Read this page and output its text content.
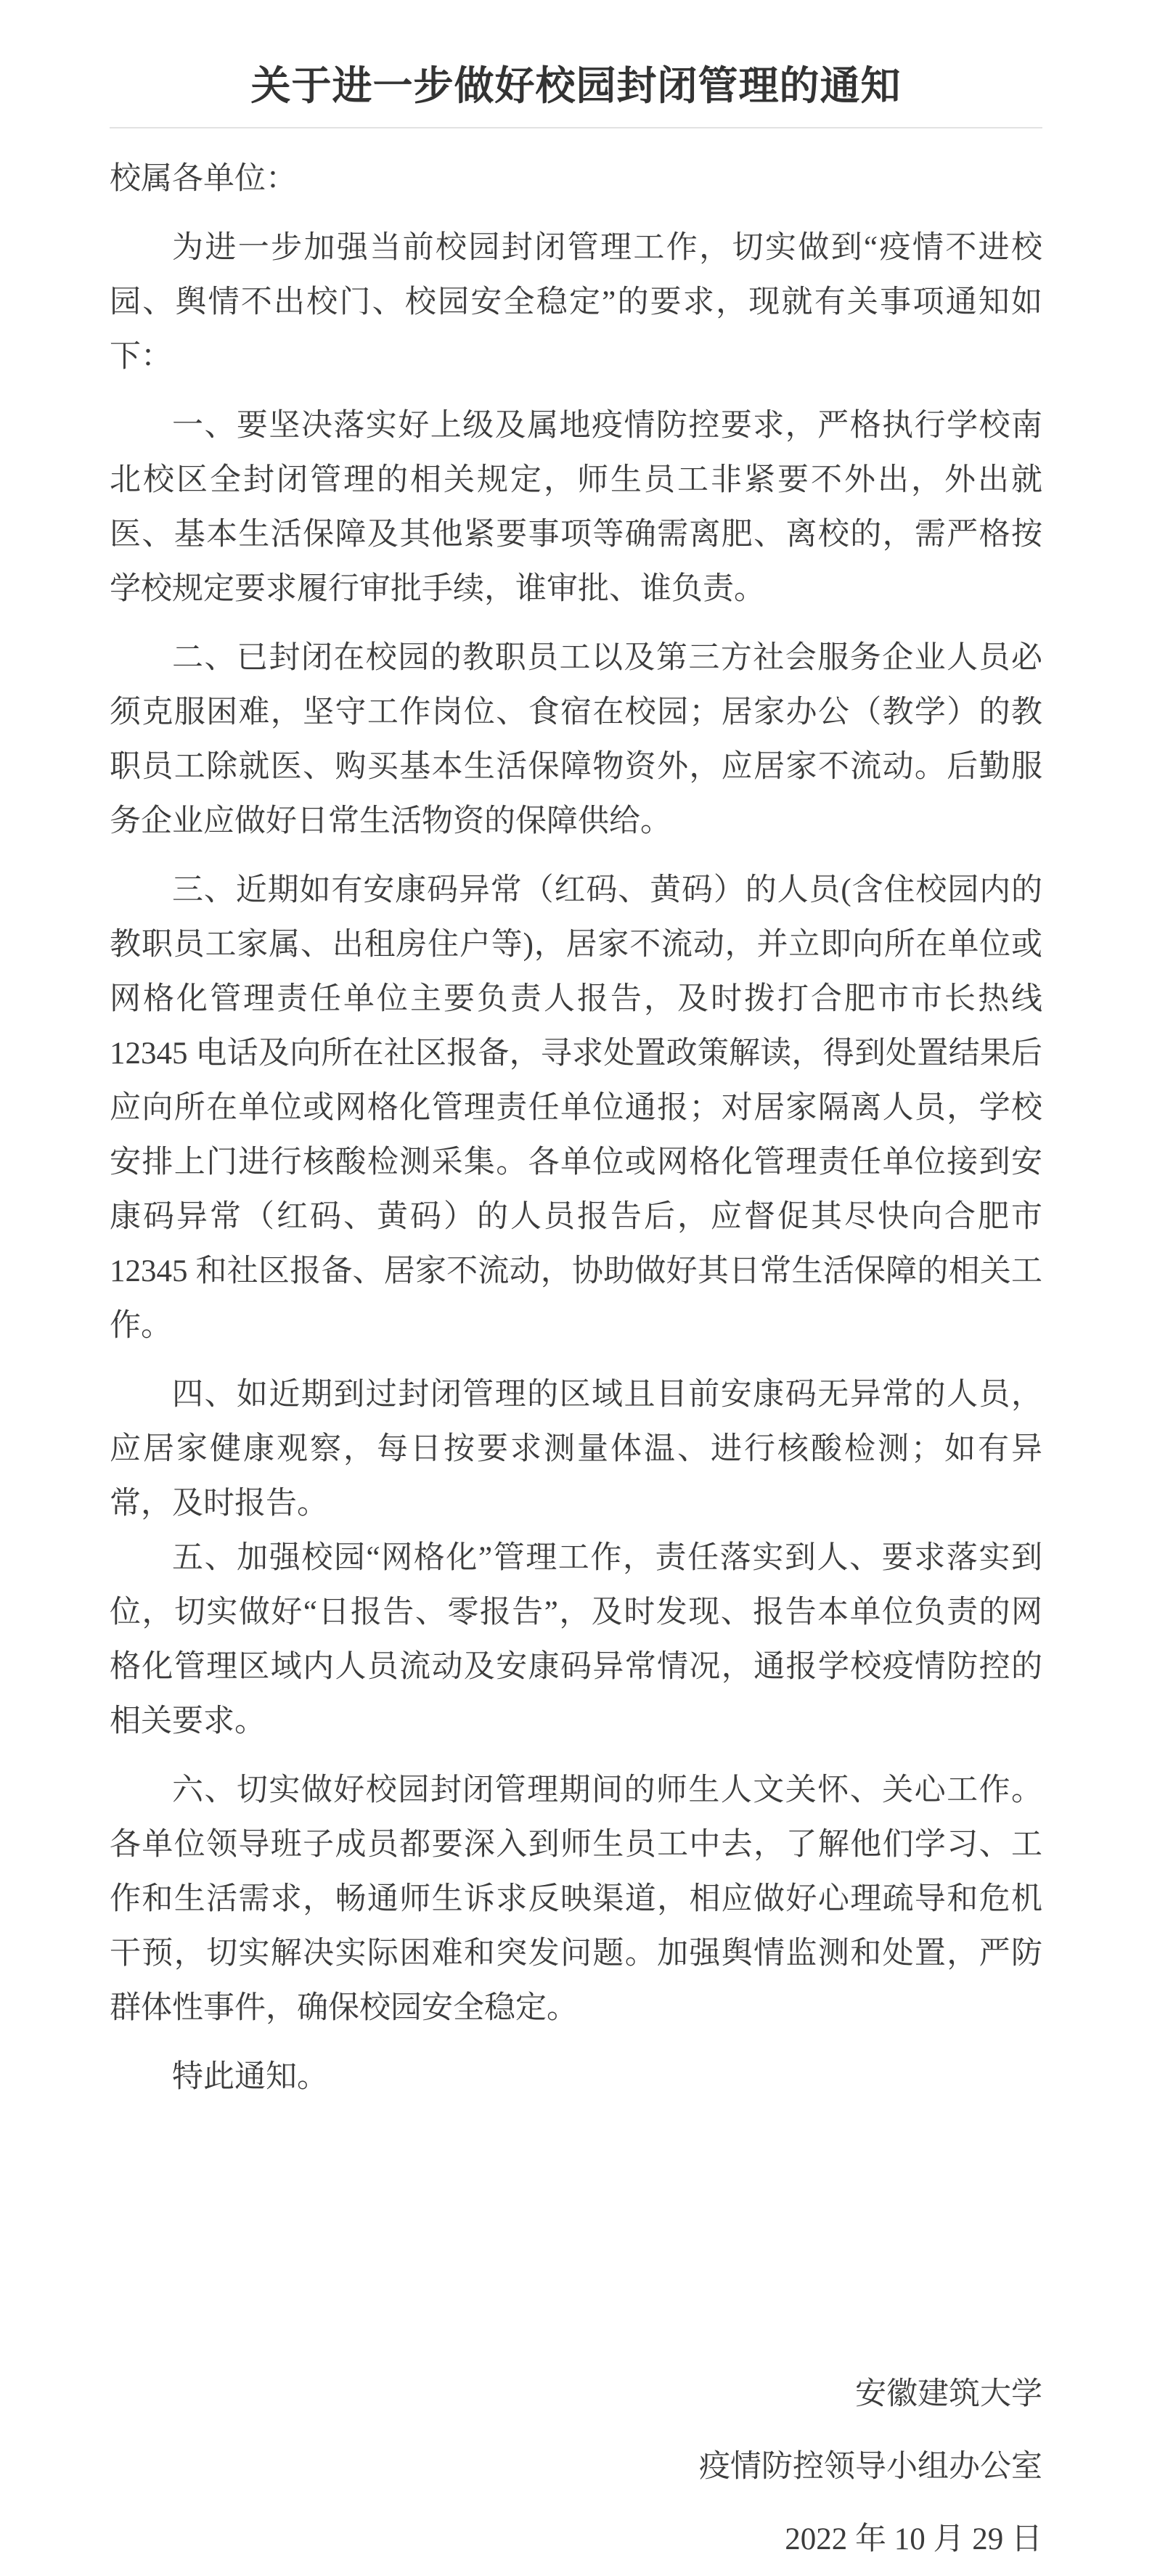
关于进一步做好校园封闭管理的通知

校属各单位：

为进一步加强当前校园封闭管理工作，切实做到“疫情不进校园、舆情不出校门、校园安全稳定”的要求，现就有关事项通知如下：

一、要坚决落实好上级及属地疫情防控要求，严格执行学校南北校区全封闭管理的相关规定，师生员工非紧要不外出，外出就医、基本生活保障及其他紧要事项等确需离肥、离校的，需严格按学校规定要求履行审批手续，谁审批、谁负责。

二、已封闭在校园的教职员工以及第三方社会服务企业人员必须克服困难，坚守工作岗位、食宿在校园；居家办公（教学）的教职员工除就医、购买基本生活保障物资外，应居家不流动。后勤服务企业应做好日常生活物资的保障供给。

三、近期如有安康码异常（红码、黄码）的人员(含住校园内的教职员工家属、出租房住户等)，居家不流动，并立即向所在单位或网格化管理责任单位主要负责人报告，及时拨打合肥市市长热线12345 电话及向所在社区报备，寻求处置政策解读，得到处置结果后应向所在单位或网格化管理责任单位通报；对居家隔离人员，学校安排上门进行核酸检测采集。各单位或网格化管理责任单位接到安康码异常（红码、黄码）的人员报告后，应督促其尽快向合肥市 12345 和社区报备、居家不流动，协助做好其日常生活保障的相关工作。

四、如近期到过封闭管理的区域且目前安康码无异常的人员，应居家健康观察，每日按要求测量体温、进行核酸检测；如有异常，及时报告。

五、加强校园“网格化”管理工作，责任落实到人、要求落实到位，切实做好“日报告、零报告”，及时发现、报告本单位负责的网格化管理区域内人员流动及安康码异常情况，通报学校疫情防控的相关要求。

六、切实做好校园封闭管理期间的师生人文关怀、关心工作。各单位领导班子成员都要深入到师生员工中去，了解他们学习、工作和生活需求，畅通师生诉求反映渠道，相应做好心理疏导和危机干预，切实解决实际困难和突发问题。加强舆情监测和处置，严防群体性事件，确保校园安全稳定。

特此通知。

安徽建筑大学

疫情防控领导小组办公室

2022 年 10 月 29 日
